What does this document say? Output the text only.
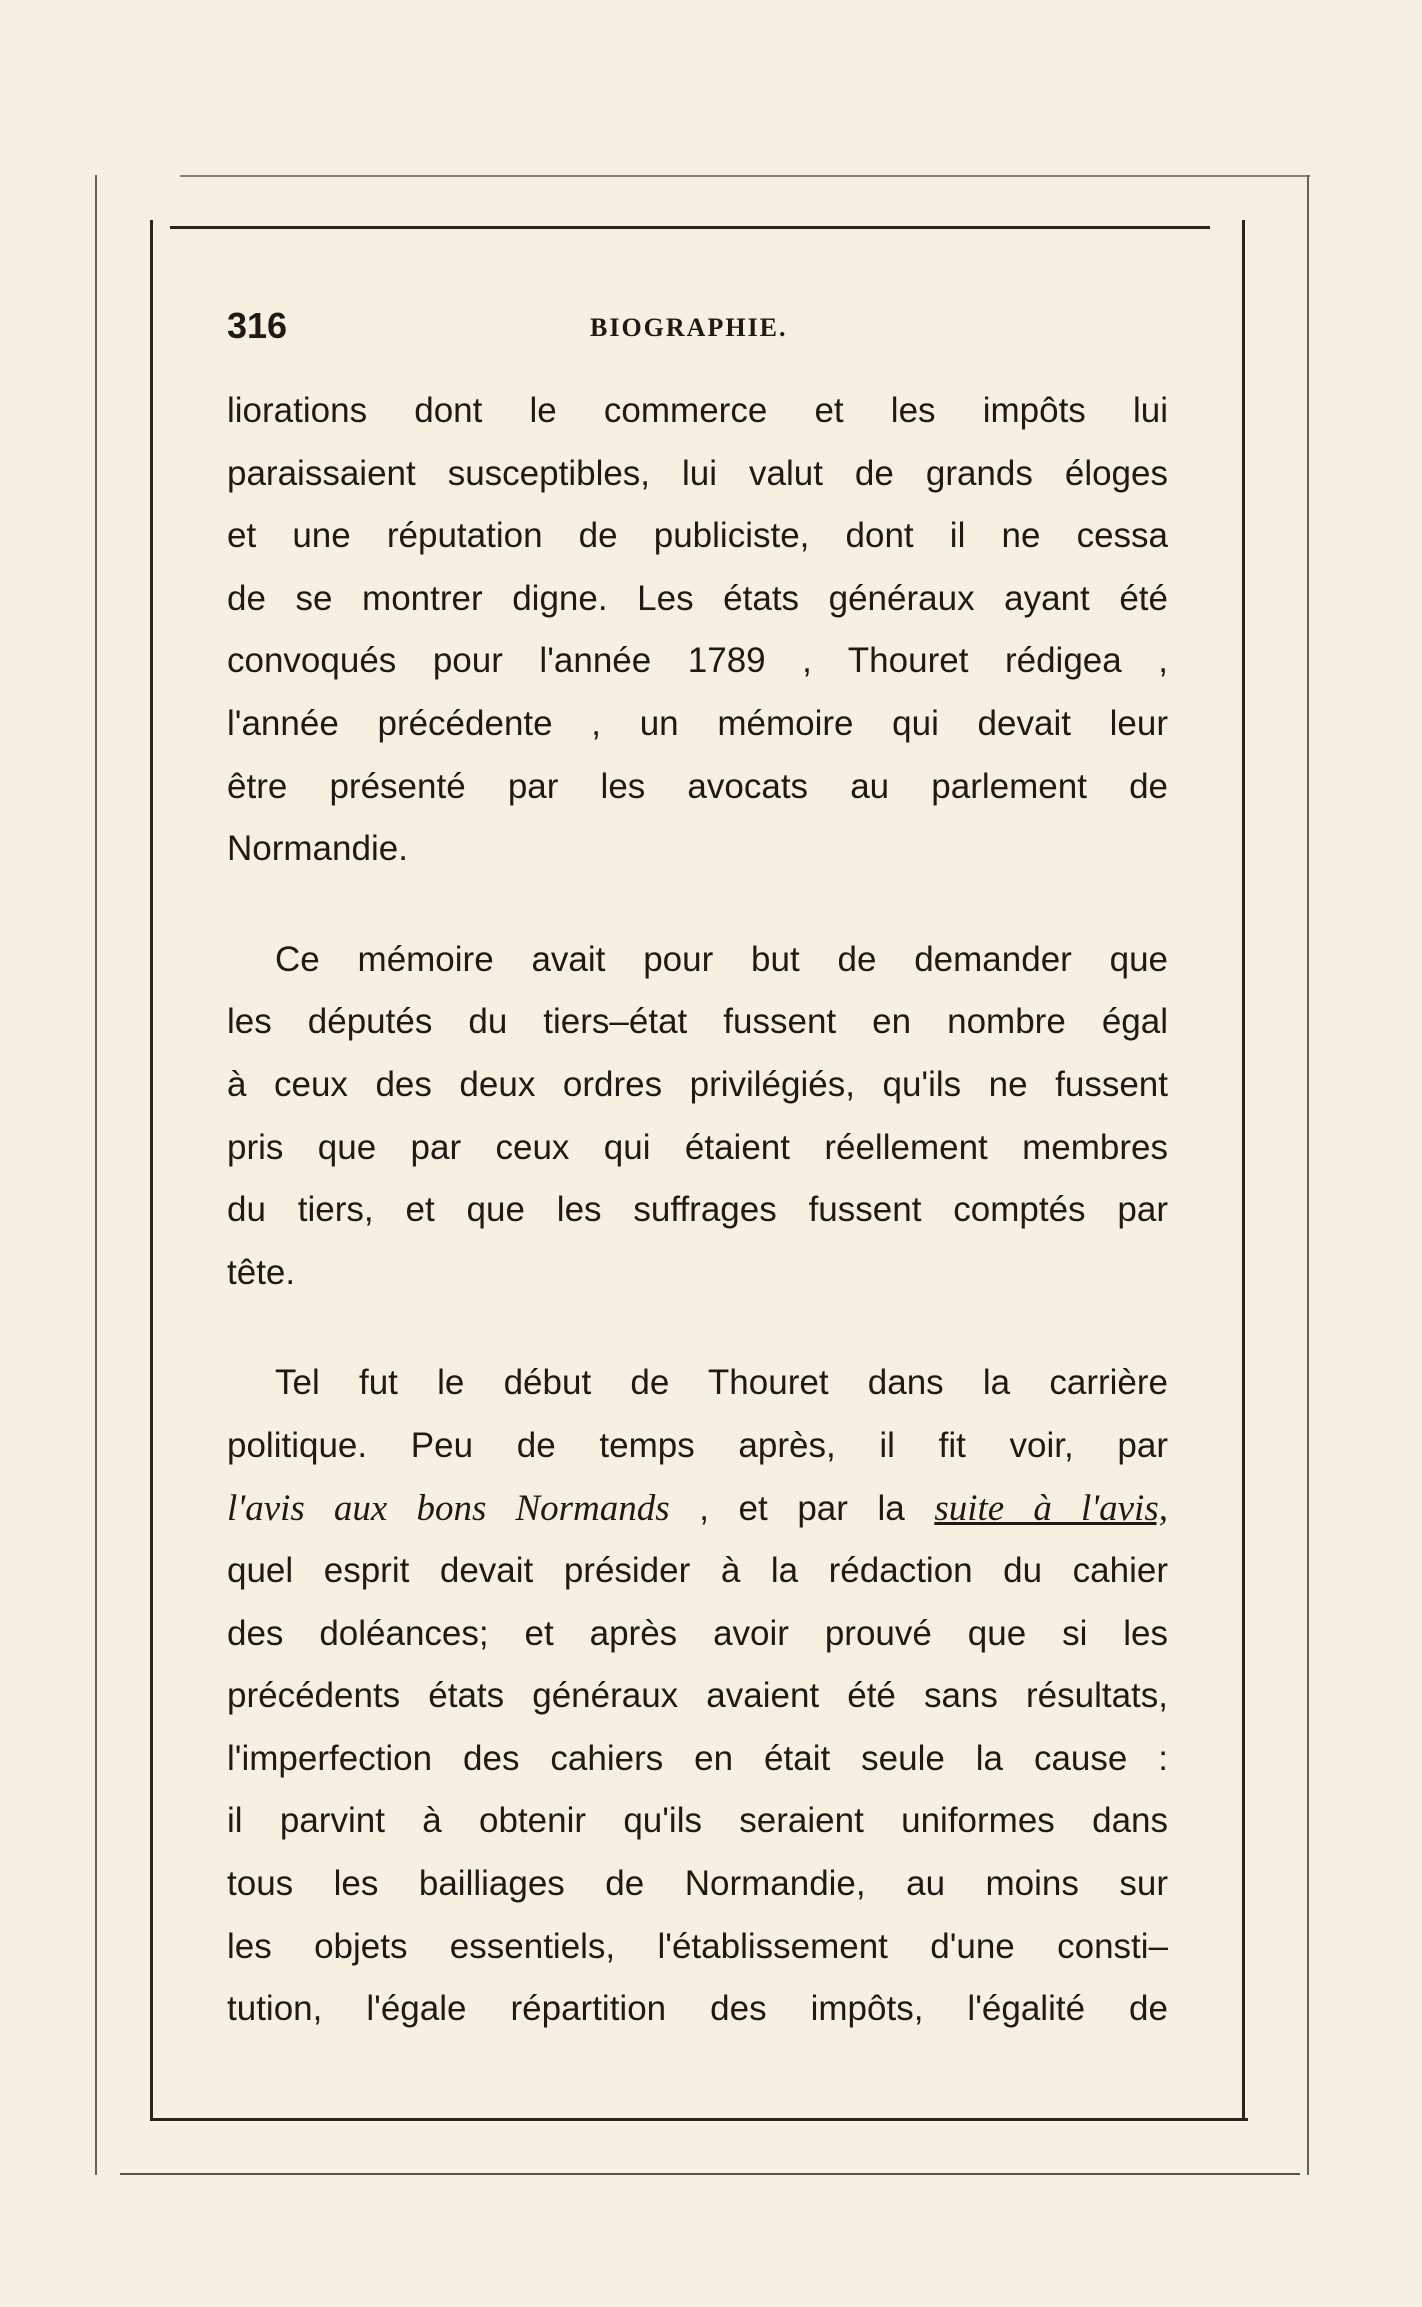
316	BIOGRAPHIE.
liorations dont le commerce et les impôts lui
paraissaient susceptibles, lui valut de grands éloges
et une réputation de publiciste, dont il ne cessa
de se montrer digne. Les états généraux ayant été
convoqués pour l'année 1789 , Thouret rédigea ,
l'année précédente , un mémoire qui devait leur
être présenté par les avocats au parlement de
Normandie.
Ce mémoire avait pour but de demander que
les députés du tiers–état fussent en nombre égal
à ceux des deux ordres privilégiés, qu'ils ne fussent
pris que par ceux qui étaient réellement membres
du tiers, et que les suffrages fussent comptés par
tête.
Tel fut le début de Thouret dans la carrière
politique. Peu de temps après, il fit voir, par
l'avis aux bons Normands , et par la suite à l'avis,
quel esprit devait présider à la rédaction du cahier
des doléances; et après avoir prouvé que si les
précédents états généraux avaient été sans résultats,
l'imperfection des cahiers en était seule la cause :
il parvint à obtenir qu'ils seraient uniformes dans
tous les bailliages de Normandie, au moins sur
les objets essentiels, l'établissement d'une consti–
tution, l'égale répartition des impôts, l'égalité de
